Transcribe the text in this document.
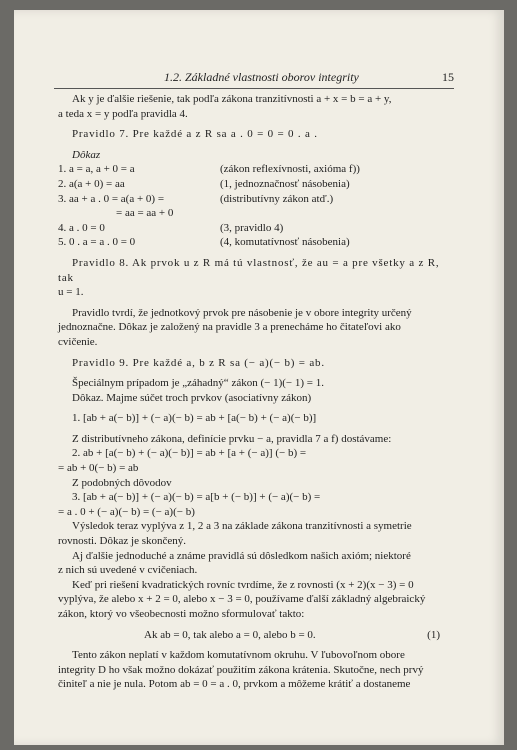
1.2. Základné vlastnosti oborov integrity	15

Ak y je ďalšie riešenie, tak podľa zákona tranzitívnosti a + x = b = a + y,

a teda x = y podľa pravidla 4.

Pravidlo 7. Pre každé a z R sa a . 0 = 0 = 0 . a .

Dôkaz

1. a = a, a + 0 = a	(zákon reflexívnosti, axióma f))
2. a(a + 0) = aa	(1, jednoznačnosť násobenia)
3. aa + a . 0 = a(a + 0) =	(distributívny zákon atď.)

= aa = aa + 0

4. a . 0 = 0	(3, pravidlo 4)
5. 0 . a = a . 0 = 0	(4, komutatívnosť násobenia)

Pravidlo 8. Ak prvok u z R má tú vlastnosť, že au = a pre všetky a z R, tak

u = 1.

Pravidlo tvrdí, že jednotkový prvok pre násobenie je v obore integrity určený

jednoznačne. Dôkaz je založený na pravidle 3 a prenecháme ho čitateľovi ako

cvičenie.

Pravidlo 9. Pre každé a, b z R sa (− a)(− b) = ab.

Špeciálnym prípadom je „záhadný“ zákon (− 1)(− 1) = 1.

Dôkaz. Majme súčet troch prvkov (asociatívny zákon)

1. [ab + a(− b)] + (− a)(− b) = ab + [a(− b) + (− a)(− b)]

Z distributívneho zákona, definície prvku − a, pravidla 7 a f) dostávame:

2. ab + [a(− b) + (− a)(− b)] = ab + [a + (− a)] (− b) =

= ab + 0(− b) = ab

Z podobných dôvodov

3. [ab + a(− b)] + (− a)(− b) = a[b + (− b)] + (− a)(− b) =

= a . 0 + (− a)(− b) = (− a)(− b)

Výsledok teraz vyplýva z 1, 2 a 3 na základe zákona tranzitívnosti a symetrie

rovnosti. Dôkaz je skončený.

Aj ďalšie jednoduché a známe pravidlá sú dôsledkom našich axióm; niektoré

z nich sú uvedené v cvičeniach.

Keď pri riešení kvadratických rovníc tvrdíme, že z rovnosti (x + 2)(x − 3) = 0

vyplýva, že alebo x + 2 = 0, alebo x − 3 = 0, používame ďalší základný algebraický

zákon, ktorý vo všeobecnosti možno sformulovať takto:

Ak ab = 0, tak alebo a = 0, alebo b = 0.	(1)

Tento zákon neplatí v každom komutatívnom okruhu. V ľubovoľnom obore

integrity D ho však možno dokázať použitím zákona krátenia. Skutočne, nech prvý

činiteľ a nie je nula. Potom ab = 0 = a . 0, prvkom a môžeme krátiť a dostaneme
